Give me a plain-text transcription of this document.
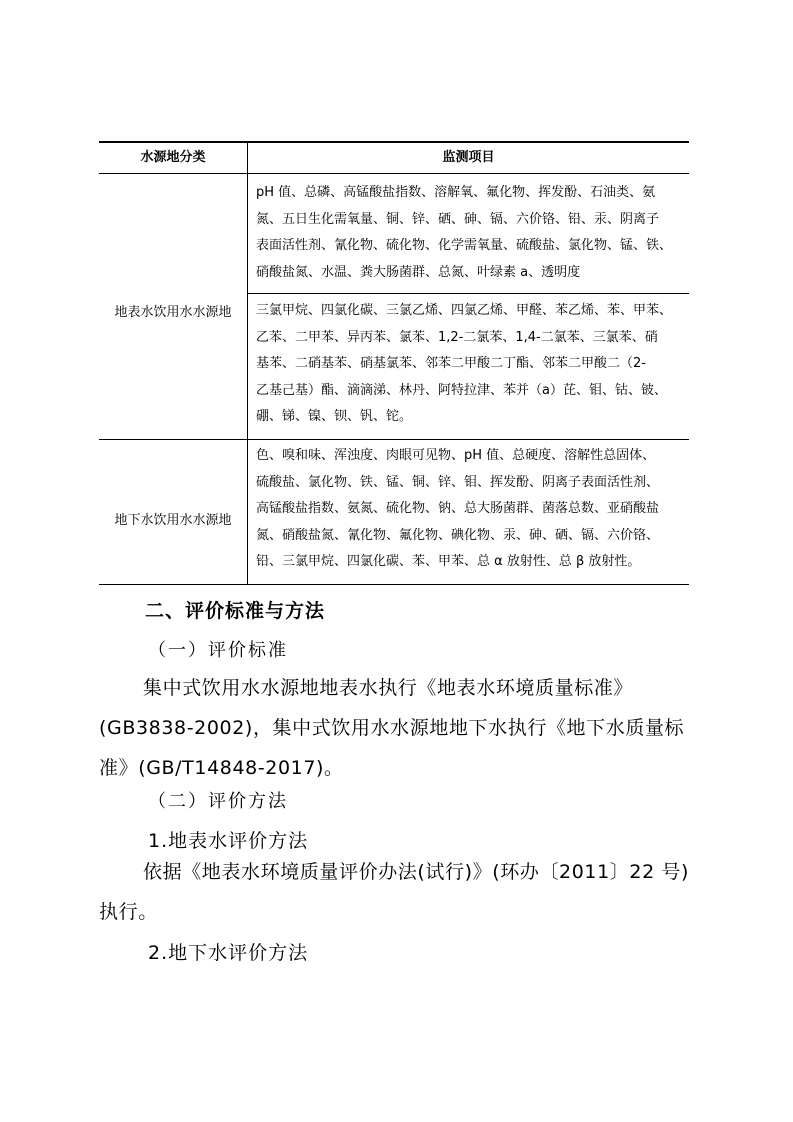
水源地分类	监测项目
地表水饮用水水源地
pH 值、总磷、高锰酸盐指数、溶解氧、氟化物、挥发酚、石油类、氨
氮、五日生化需氧量、铜、锌、硒、砷、镉、六价铬、铅、汞、阴离子
表面活性剂、氰化物、硫化物、化学需氧量、硫酸盐、氯化物、锰、铁、
硝酸盐氮、水温、粪大肠菌群、总氮、叶绿素 a、透明度
三氯甲烷、四氯化碳、三氯乙烯、四氯乙烯、甲醛、苯乙烯、苯、甲苯、
乙苯、二甲苯、异丙苯、氯苯、1,2-二氯苯、1,4-二氯苯、三氯苯、硝
基苯、二硝基苯、硝基氯苯、邻苯二甲酸二丁酯、邻苯二甲酸二（2-
乙基己基）酯、滴滴涕、林丹、阿特拉津、苯并（a）芘、钼、钴、铍、
硼、锑、镍、钡、钒、铊。
地下水饮用水水源地
色、嗅和味、浑浊度、肉眼可见物、pH 值、总硬度、溶解性总固体、
硫酸盐、氯化物、铁、锰、铜、锌、钼、挥发酚、阴离子表面活性剂、
高锰酸盐指数、氨氮、硫化物、钠、总大肠菌群、菌落总数、亚硝酸盐
氮、硝酸盐氮、氰化物、氟化物、碘化物、汞、砷、硒、镉、六价铬、
铅、三氯甲烷、四氯化碳、苯、甲苯、总 α 放射性、总 β 放射性。
二、评价标准与方法
（一）评价标准
集中式饮用水水源地地表水执行《地表水环境质量标准》
(GB3838-2002)，集中式饮用水水源地地下水执行《地下水质量标
准》(GB/T14848-2017)。
（二）评价方法
1.地表水评价方法
依据《地表水环境质量评价办法(试行)》(环办〔2011〕22 号)
执行。
2.地下水评价方法
